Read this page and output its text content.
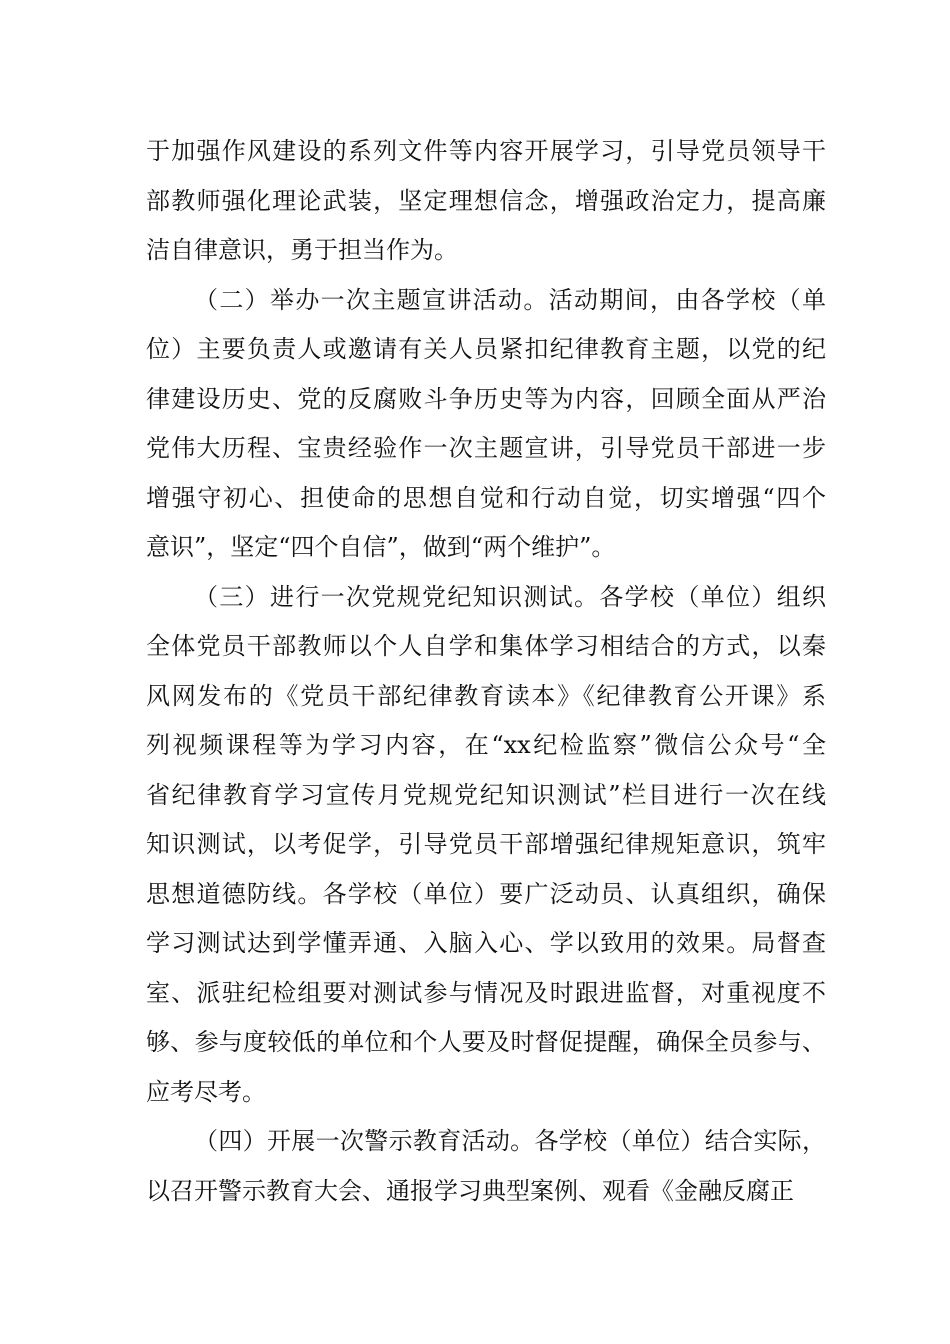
于加强作风建设的系列文件等内容开展学习，引导党员领导干
部教师强化理论武装，坚定理想信念，增强政治定力，提高廉
洁自律意识，勇于担当作为。

（二）举办一次主题宣讲活动。活动期间，由各学校（单
位）主要负责人或邀请有关人员紧扣纪律教育主题，以党的纪
律建设历史、党的反腐败斗争历史等为内容，回顾全面从严治
党伟大历程、宝贵经验作一次主题宣讲，引导党员干部进一步
增强守初心、担使命的思想自觉和行动自觉，切实增强“四个
意识”，坚定“四个自信”，做到“两个维护”。

（三）进行一次党规党纪知识测试。各学校（单位）组织
全体党员干部教师以个人自学和集体学习相结合的方式，以秦
风网发布的《党员干部纪律教育读本》《纪律教育公开课》系
列视频课程等为学习内容，在“xx纪检监察”微信公众号“全
省纪律教育学习宣传月党规党纪知识测试”栏目进行一次在线
知识测试，以考促学，引导党员干部增强纪律规矩意识，筑牢
思想道德防线。各学校（单位）要广泛动员、认真组织，确保
学习测试达到学懂弄通、入脑入心、学以致用的效果。局督查
室、派驻纪检组要对测试参与情况及时跟进监督，对重视度不
够、参与度较低的单位和个人要及时督促提醒，确保全员参与、
应考尽考。

（四）开展一次警示教育活动。各学校（单位）结合实际，
以召开警示教育大会、通报学习典型案例、观看《金融反腐正
